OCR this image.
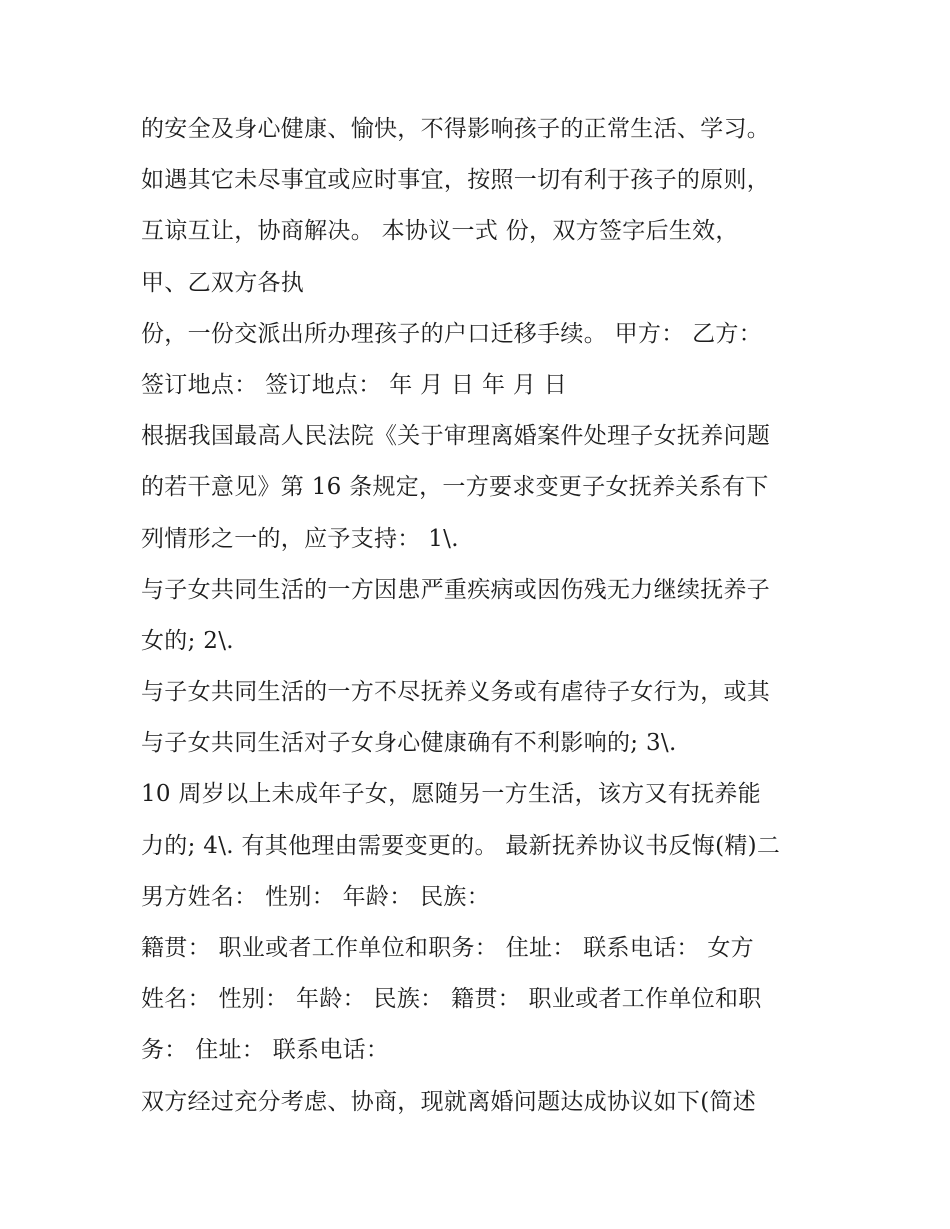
的安全及身心健康、愉快，不得影响孩子的正常生活、学习。
如遇其它未尽事宜或应时事宜，按照一切有利于孩子的原则，
互谅互让，协商解决。 本协议一式 份，双方签字后生效，
甲、乙双方各执
份，一份交派出所办理孩子的户口迁移手续。 甲方： 乙方：
签订地点： 签订地点： 年 月 日 年 月 日
根据我国最高人民法院《关于审理离婚案件处理子女抚养问题
的若干意见》第 16 条规定，一方要求变更子女抚养关系有下
列情形之一的，应予支持： 1\.
与子女共同生活的一方因患严重疾病或因伤残无力继续抚养子
女的; 2\.
与子女共同生活的一方不尽抚养义务或有虐待子女行为，或其
与子女共同生活对子女身心健康确有不利影响的; 3\.
10 周岁以上未成年子女，愿随另一方生活，该方又有抚养能
力的; 4\. 有其他理由需要变更的。 最新抚养协议书反悔(精)二
男方姓名： 性别： 年龄： 民族：
籍贯： 职业或者工作单位和职务： 住址： 联系电话： 女方
姓名： 性别： 年龄： 民族： 籍贯： 职业或者工作单位和职
务： 住址： 联系电话：
双方经过充分考虑、协商，现就离婚问题达成协议如下(简述
